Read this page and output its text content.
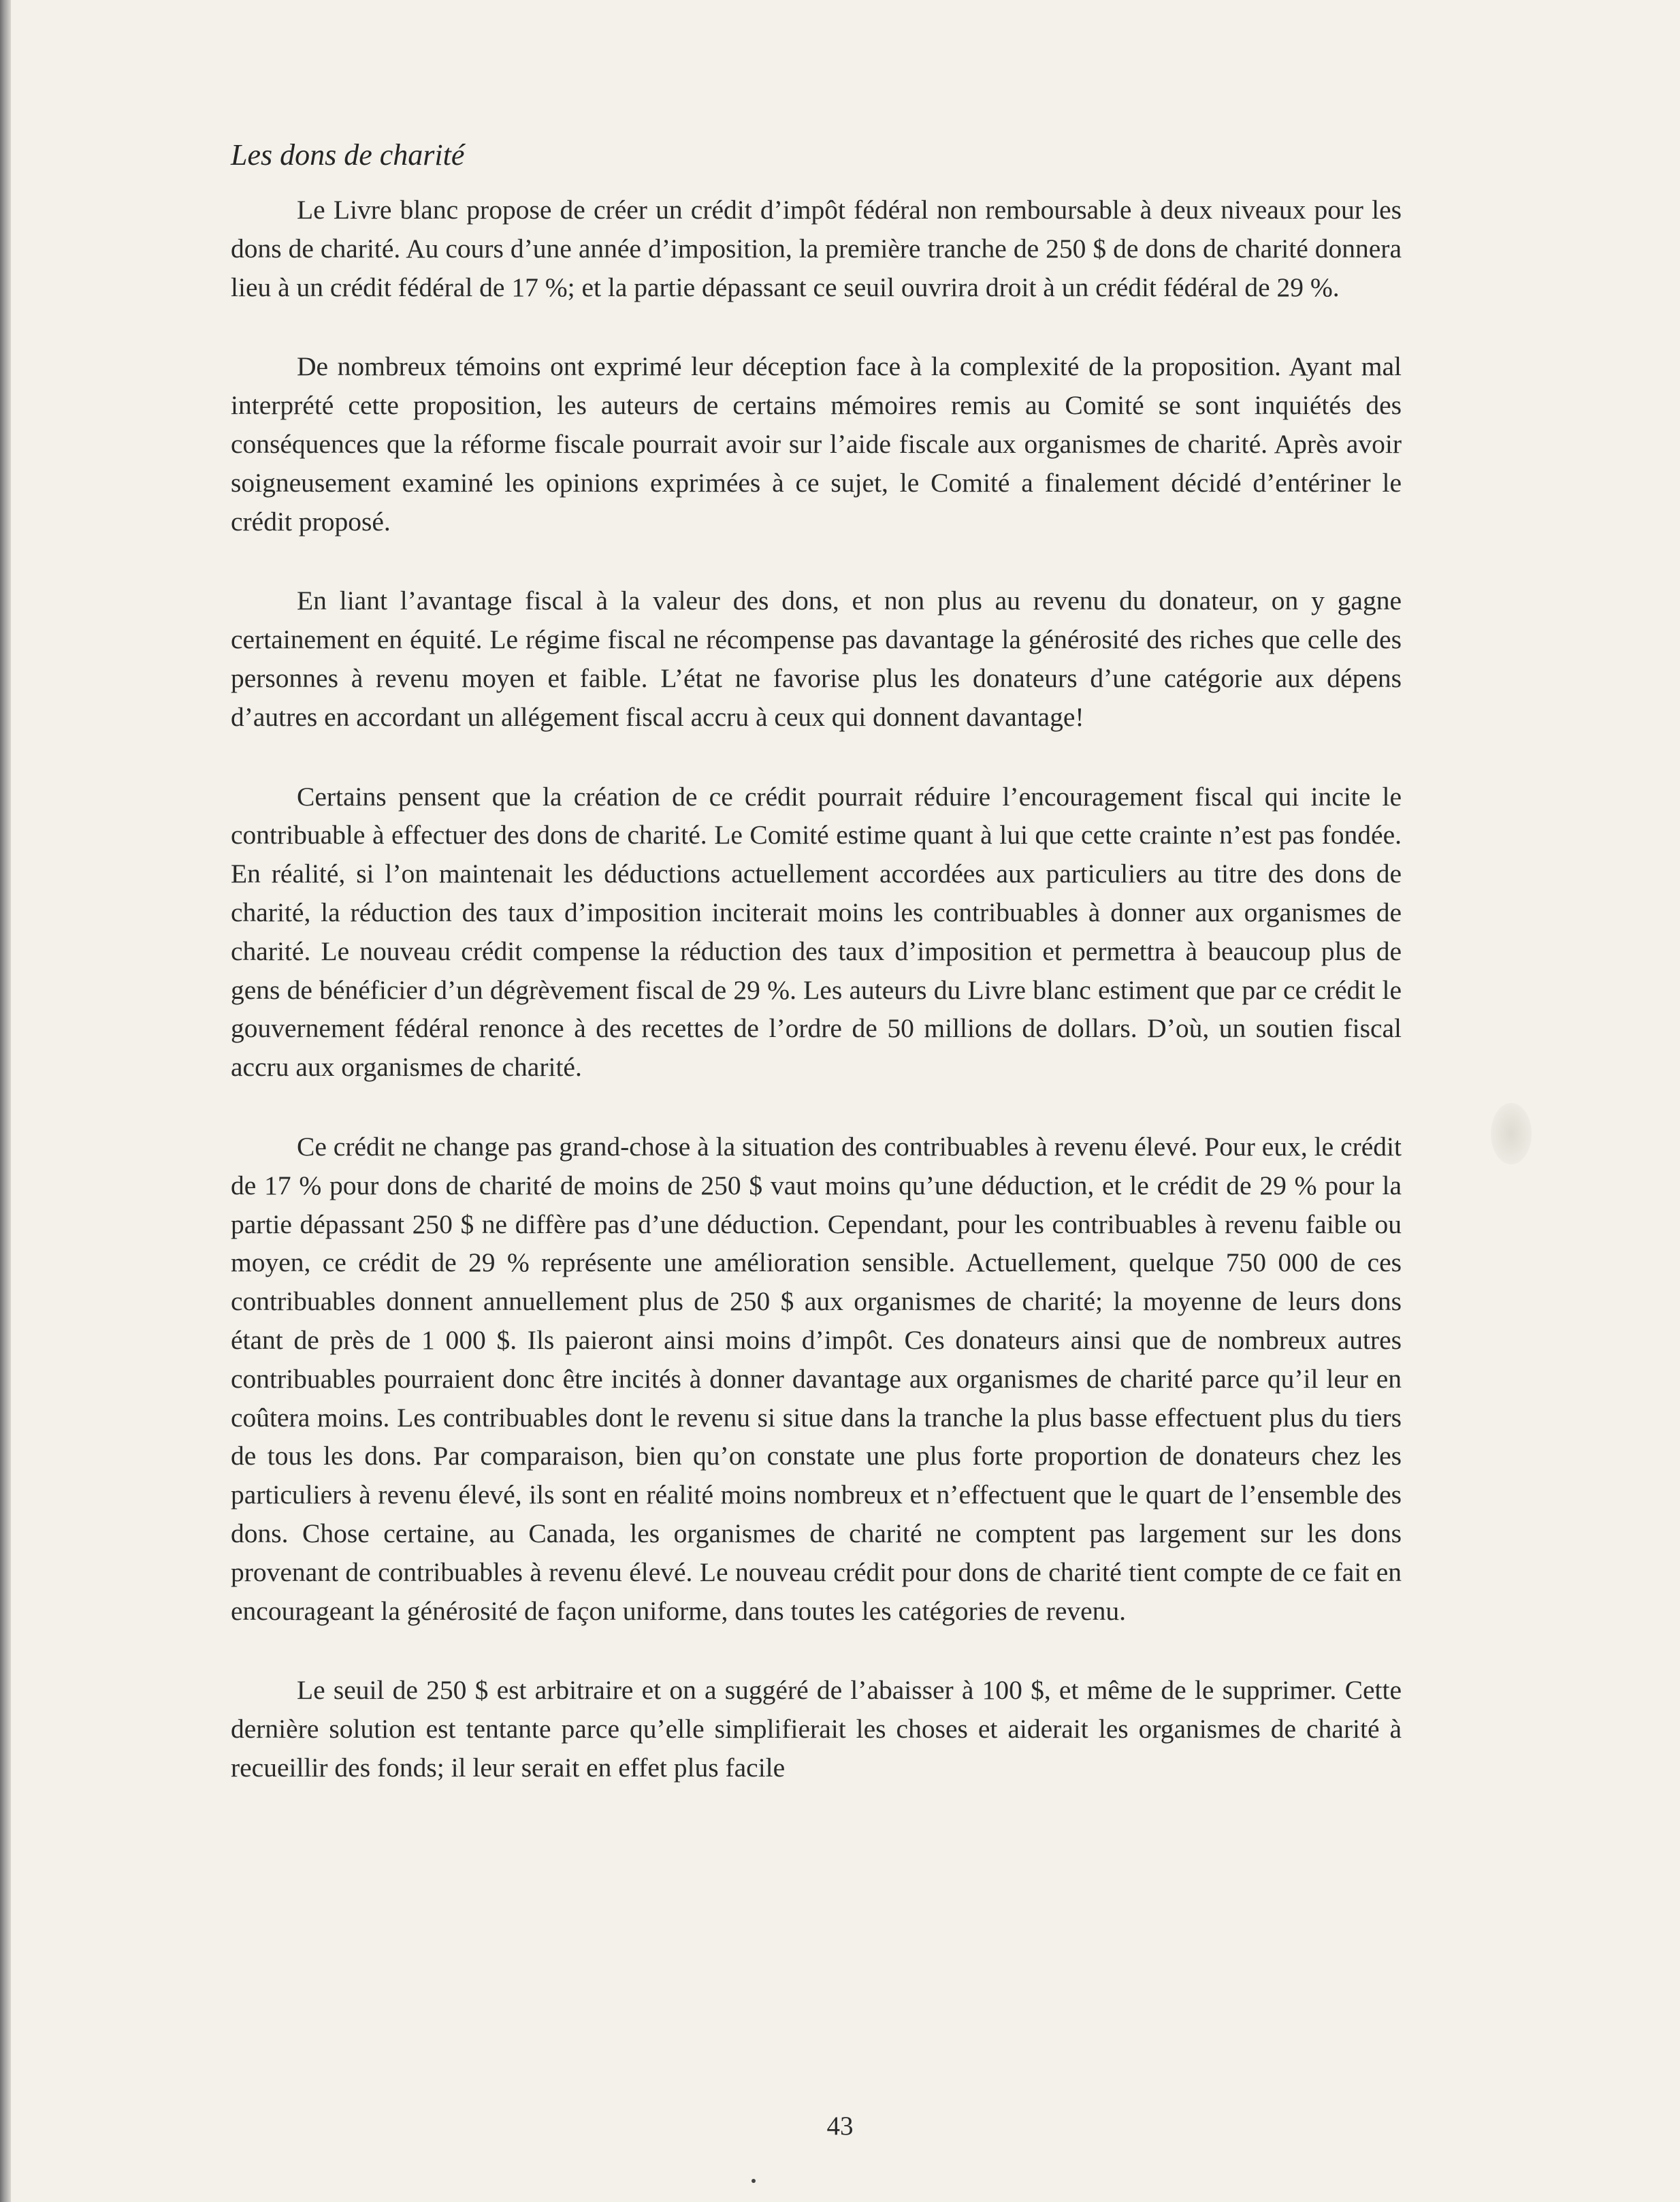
Les dons de charité

Le Livre blanc propose de créer un crédit d’impôt fédéral non remboursable à deux niveaux pour les dons de charité. Au cours d’une année d’imposition, la première tranche de 250 $ de dons de charité donnera lieu à un crédit fédéral de 17 %; et la partie dépassant ce seuil ouvrira droit à un crédit fédéral de 29 %.

De nombreux témoins ont exprimé leur déception face à la complexité de la proposition. Ayant mal interprété cette proposition, les auteurs de certains mémoires remis au Comité se sont inquiétés des conséquences que la réforme fiscale pourrait avoir sur l’aide fiscale aux organismes de charité. Après avoir soigneusement examiné les opinions exprimées à ce sujet, le Comité a finalement décidé d’entériner le crédit proposé.

En liant l’avantage fiscal à la valeur des dons, et non plus au revenu du donateur, on y gagne certainement en équité. Le régime fiscal ne récompense pas davantage la générosité des riches que celle des personnes à revenu moyen et faible. L’état ne favorise plus les donateurs d’une catégorie aux dépens d’autres en accordant un allégement fiscal accru à ceux qui donnent davantage!

Certains pensent que la création de ce crédit pourrait réduire l’encouragement fiscal qui incite le contribuable à effectuer des dons de charité. Le Comité estime quant à lui que cette crainte n’est pas fondée. En réalité, si l’on maintenait les déductions actuellement accordées aux particuliers au titre des dons de charité, la réduction des taux d’imposition inciterait moins les contribuables à donner aux organismes de charité. Le nouveau crédit compense la réduction des taux d’imposition et permettra à beaucoup plus de gens de bénéficier d’un dégrèvement fiscal de 29 %. Les auteurs du Livre blanc estiment que par ce crédit le gouvernement fédéral renonce à des recettes de l’ordre de 50 millions de dollars. D’où, un soutien fiscal accru aux organismes de charité.

Ce crédit ne change pas grand-chose à la situation des contribuables à revenu élevé. Pour eux, le crédit de 17 % pour dons de charité de moins de 250 $ vaut moins qu’une déduction, et le crédit de 29 % pour la partie dépassant 250 $ ne diffère pas d’une déduction. Cependant, pour les contribuables à revenu faible ou moyen, ce crédit de 29 % représente une amélioration sensible. Actuellement, quelque 750 000 de ces contribuables donnent annuellement plus de 250 $ aux organismes de charité; la moyenne de leurs dons étant de près de 1 000 $. Ils paieront ainsi moins d’impôt. Ces donateurs ainsi que de nombreux autres contribuables pourraient donc être incités à donner davantage aux organismes de charité parce qu’il leur en coûtera moins. Les contribuables dont le revenu si situe dans la tranche la plus basse effectuent plus du tiers de tous les dons. Par comparaison, bien qu’on constate une plus forte proportion de donateurs chez les particuliers à revenu élevé, ils sont en réalité moins nombreux et n’effectuent que le quart de l’ensemble des dons. Chose certaine, au Canada, les organismes de charité ne comptent pas largement sur les dons provenant de contribuables à revenu élevé. Le nouveau crédit pour dons de charité tient compte de ce fait en encourageant la générosité de façon uniforme, dans toutes les catégories de revenu.

Le seuil de 250 $ est arbitraire et on a suggéré de l’abaisser à 100 $, et même de le supprimer. Cette dernière solution est tentante parce qu’elle simplifierait les choses et aiderait les organismes de charité à recueillir des fonds; il leur serait en effet plus facile

43
